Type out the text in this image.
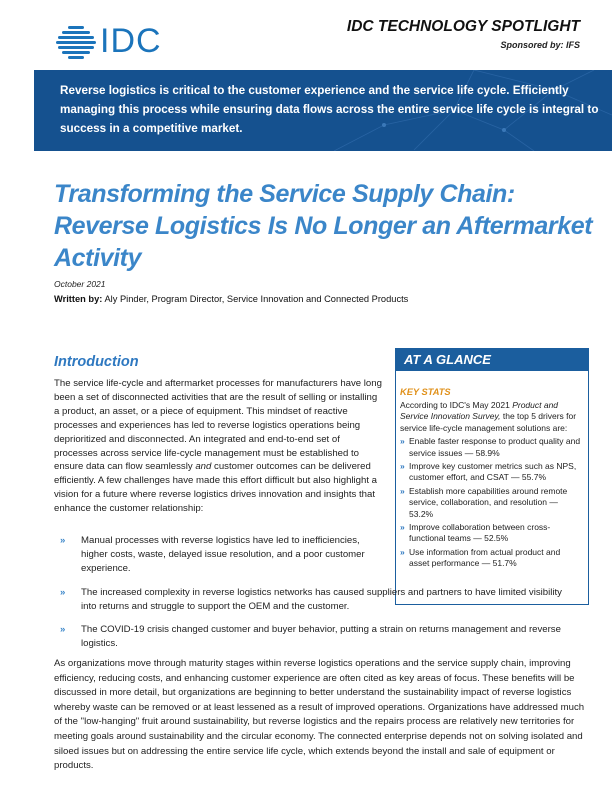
IDC	IDC TECHNOLOGY SPOTLIGHT
Sponsored by: IFS
Reverse logistics is critical to the customer experience and the service life cycle. Efficiently managing this process while ensuring data flows across the entire service life cycle is integral to success in a competitive market.
Transforming the Service Supply Chain:
Reverse Logistics Is No Longer an Aftermarket
Activity
October 2021
Written by: Aly Pinder, Program Director, Service Innovation and Connected Products
Introduction
The service life-cycle and aftermarket processes for manufacturers have long been a set of disconnected activities that are the result of selling or installing a product, an asset, or a piece of equipment. This mindset of reactive processes and experiences has led to reverse logistics operations being deprioritized and disconnected. An integrated and end-to-end set of processes across service life-cycle management must be established to ensure data can flow seamlessly and customer outcomes can be delivered efficiently. A few challenges have made this effort difficult but also highlight a vision for a future where reverse logistics drives innovation and insights that enhance the customer relationship:
AT A GLANCE
KEY STATS
According to IDC's May 2021 Product and Service Innovation Survey, the top 5 drivers for service life-cycle management solutions are:
» Enable faster response to product quality and service issues — 58.9%
» Improve key customer metrics such as NPS, customer effort, and CSAT — 55.7%
» Establish more capabilities around remote service, collaboration, and resolution — 53.2%
» Improve collaboration between cross-functional teams — 52.5%
» Use information from actual product and asset performance — 51.7%
» Manual processes with reverse logistics have led to inefficiencies, higher costs, waste, delayed issue resolution, and a poor customer experience.
» The increased complexity in reverse logistics networks has caused suppliers and partners to have limited visibility into returns and struggle to support the OEM and the customer.
» The COVID-19 crisis changed customer and buyer behavior, putting a strain on returns management and reverse logistics.
As organizations move through maturity stages within reverse logistics operations and the service supply chain, improving efficiency, reducing costs, and enhancing customer experience are often cited as key areas of focus. These benefits will be discussed in more detail, but organizations are beginning to better understand the sustainability impact of reverse logistics whereby waste can be removed or at least lessened as a result of improved operations. Organizations have addressed much of the "low-hanging" fruit around sustainability, but reverse logistics and the repairs process are relatively new territories for meeting goals around sustainability and the circular economy. The connected enterprise depends not on solving isolated and siloed issues but on addressing the entire service life cycle, which extends beyond the install and sale of equipment or products.
